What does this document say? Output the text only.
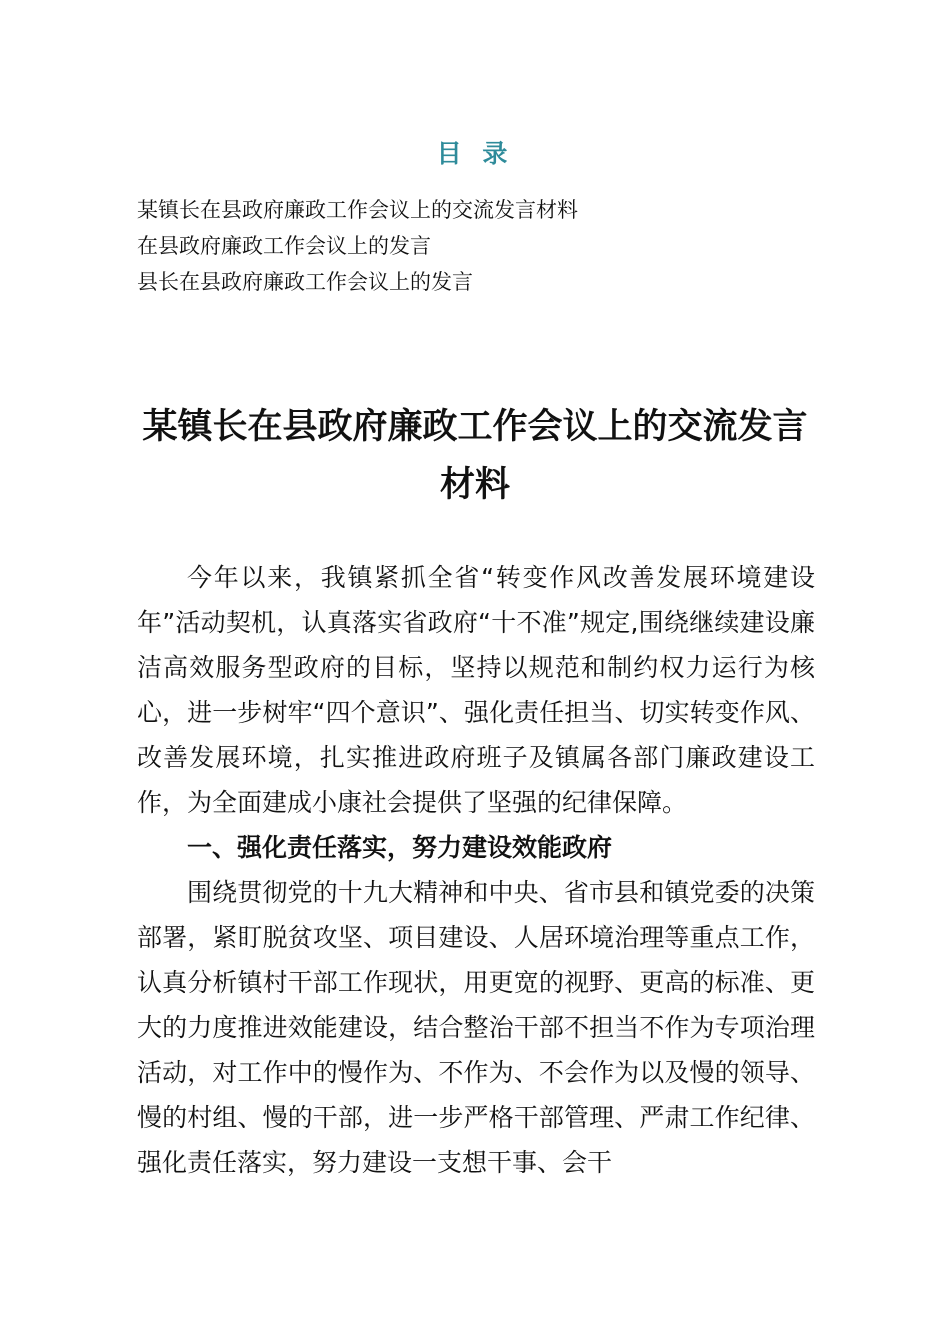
目 录
某镇长在县政府廉政工作会议上的交流发言材料
在县政府廉政工作会议上的发言
县长在县政府廉政工作会议上的发言
某镇长在县政府廉政工作会议上的交流发言材料

今年以来，我镇紧抓全省“转变作风改善发展环境建设年”活动契机，认真落实省政府“十不准”规定,围绕继续建设廉洁高效服务型政府的目标，坚持以规范和制约权力运行为核心，进一步树牢“四个意识”、强化责任担当、切实转变作风、改善发展环境，扎实推进政府班子及镇属各部门廉政建设工作，为全面建成小康社会提供了坚强的纪律保障。

一、强化责任落实，努力建设效能政府

围绕贯彻党的十九大精神和中央、省市县和镇党委的决策部署，紧盯脱贫攻坚、项目建设、人居环境治理等重点工作，认真分析镇村干部工作现状，用更宽的视野、更高的标准、更大的力度推进效能建设，结合整治干部不担当不作为专项治理活动，对工作中的慢作为、不作为、不会作为以及慢的领导、慢的村组、慢的干部，进一步严格干部管理、严肃工作纪律、强化责任落实，努力建设一支想干事、会干
